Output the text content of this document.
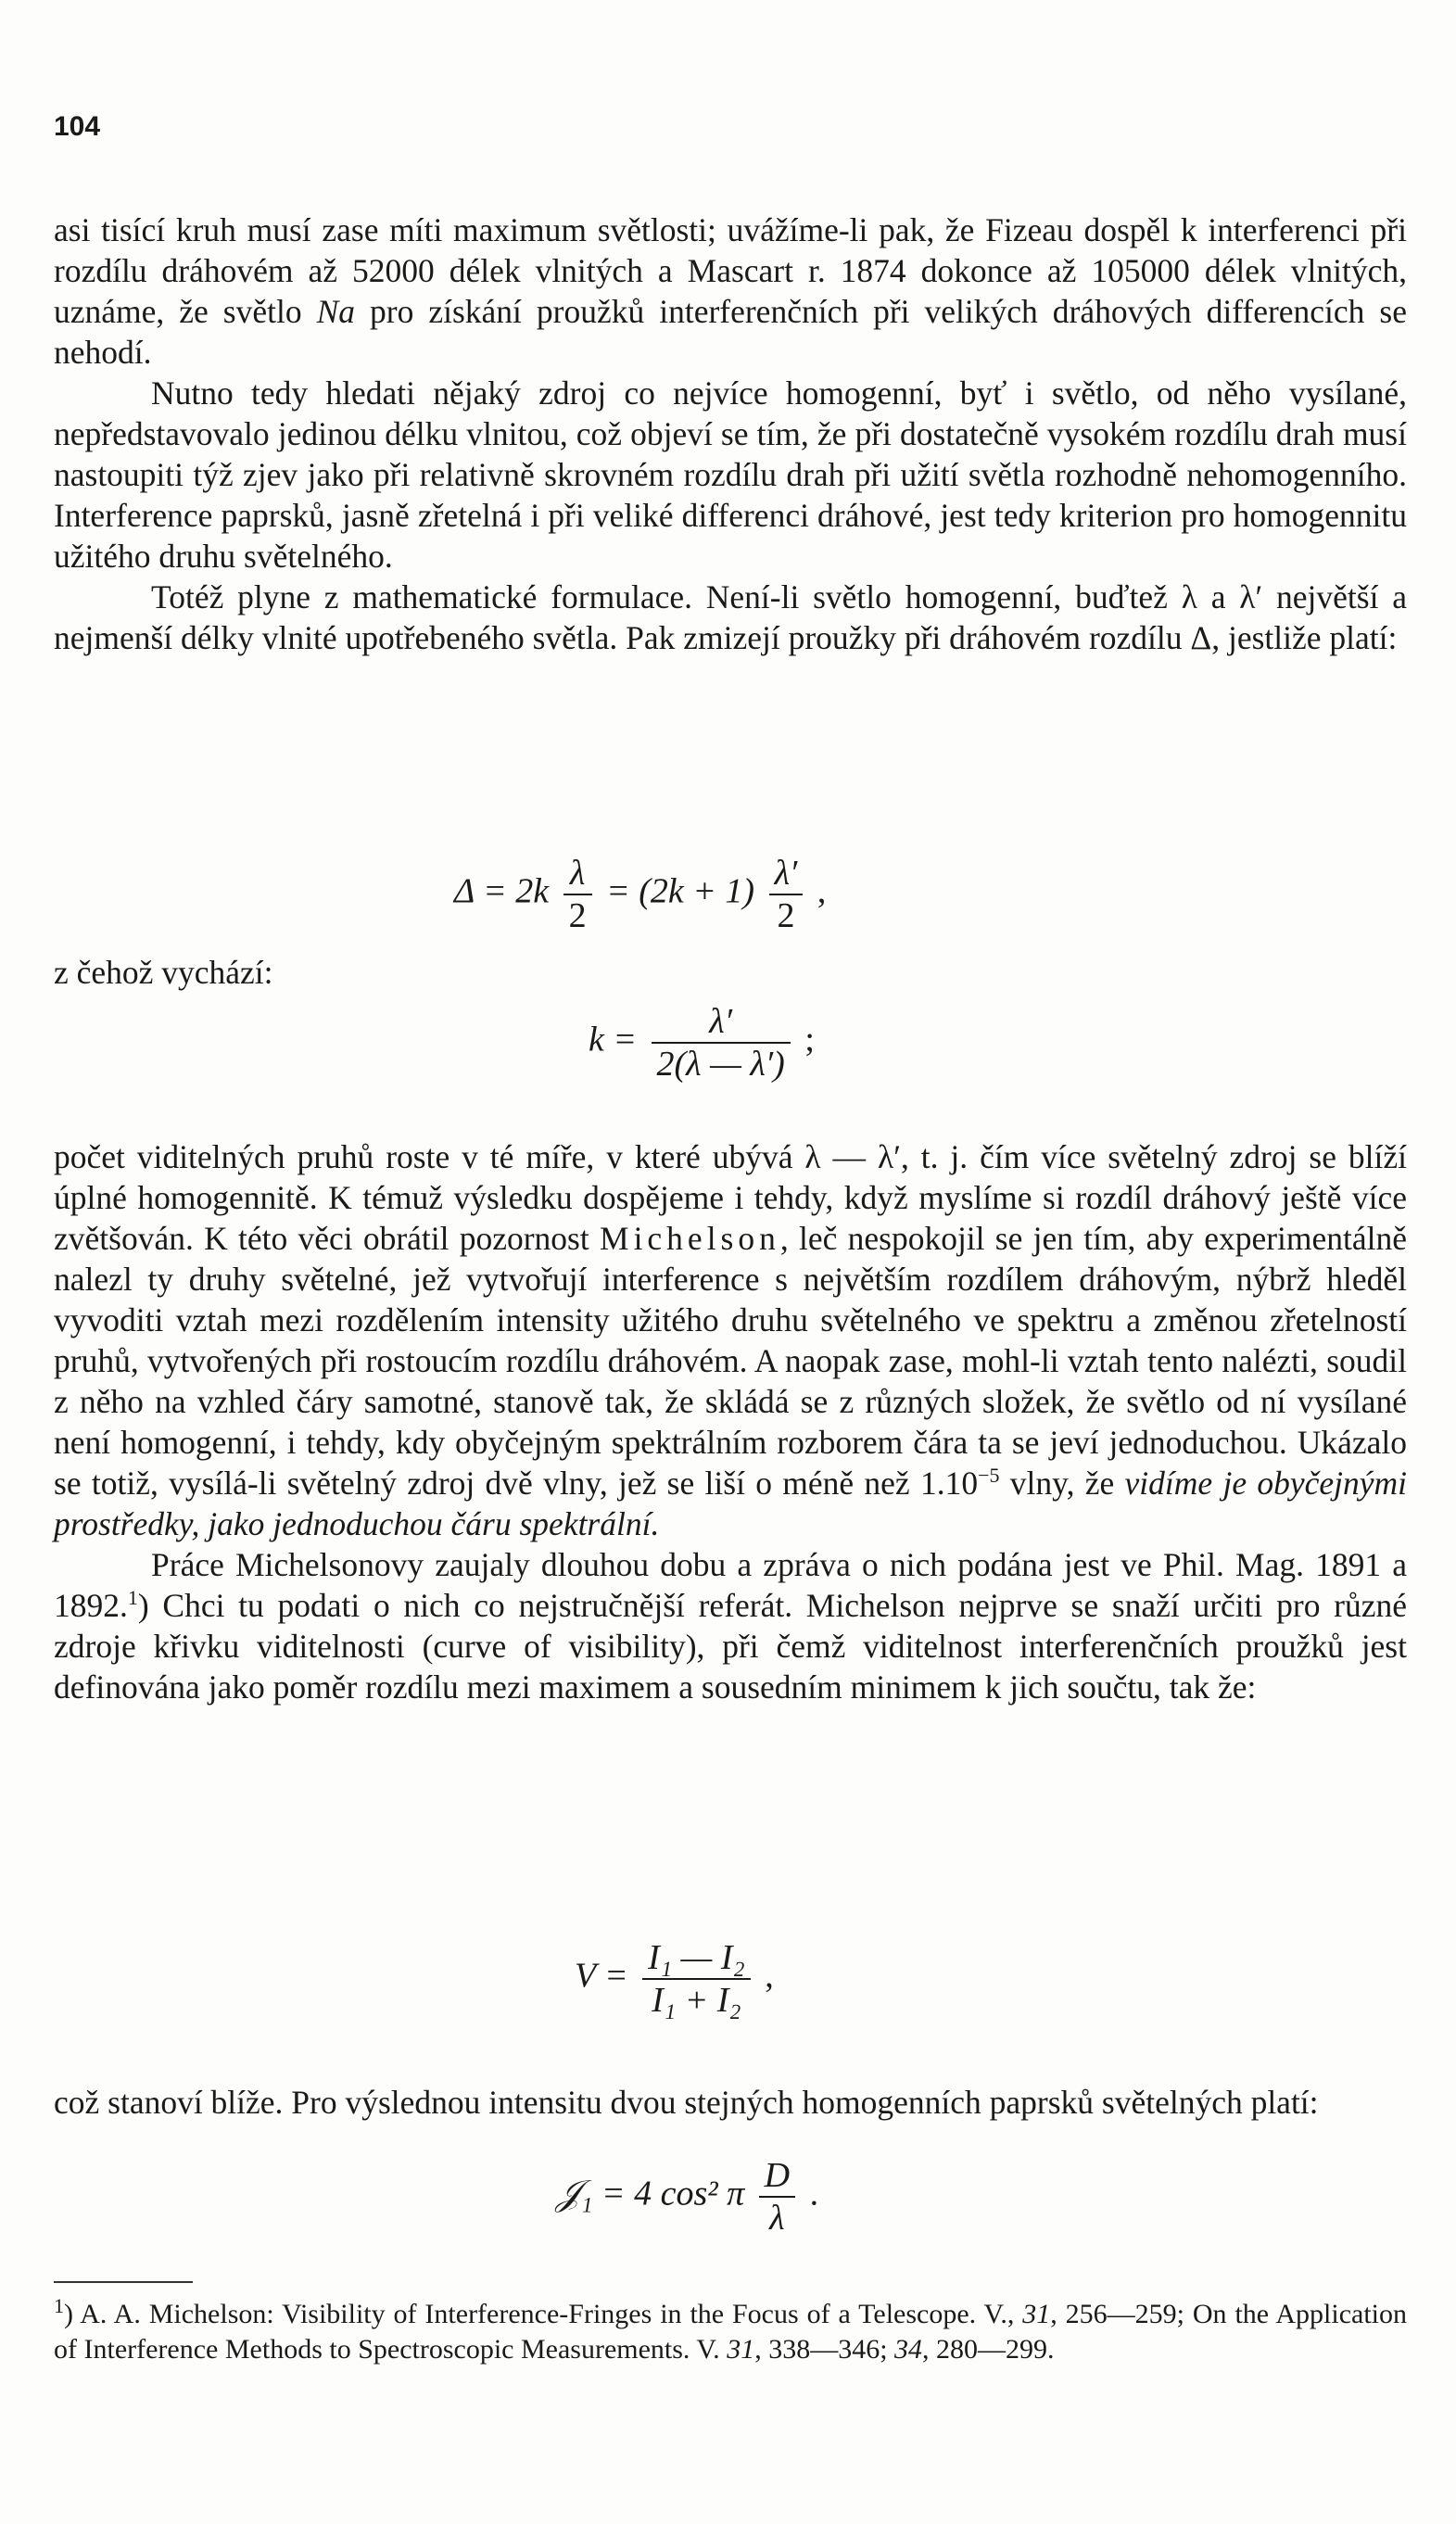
104

asi tisící kruh musí zase míti maximum světlosti; uvážíme-li pak, že Fizeau dospěl k interferenci při rozdílu dráhovém až 52000 délek vlnitých a Mascart r. 1874 dokonce až 105000 délek vlnitých, uznáme, že světlo Na pro získání proužků interferenčních při velikých dráhových differencích se nehodí.

Nutno tedy hledati nějaký zdroj co nejvíce homogenní, byť i světlo, od něho vysílané, nepředstavovalo jedinou délku vlnitou, což objeví se tím, že při dostatečně vysokém rozdílu drah musí nastoupiti týž zjev jako při relativně skrovném rozdílu drah při užití světla rozhodně nehomogenního. Interference paprsků, jasně zřetelná i při veliké differenci dráhové, jest tedy kriterion pro homogennitu užitého druhu světelného.

Totéž plyne z mathematické formulace. Není-li světlo homogenní, buďtež λ a λ′ největší a nejmenší délky vlnité upotřebeného světla. Pak zmizejí proužky při dráhovém rozdílu Δ, jestliže platí:

$\Delta = 2k \frac{\lambda}{2} = (2k + 1) \frac{\lambda'}{2}$ ,
z čehož vychází:
$k = \frac{\lambda'}{2(\lambda — \lambda')}$ ;

počet viditelných pruhů roste v té míře, v které ubývá λ — λ′, t. j. čím více světelný zdroj se blíží úplné homogennitě. K témuž výsledku dospějeme i tehdy, když myslíme si rozdíl dráhový ještě více zvětšován. K této věci obrátil pozornost Michelson, leč nespokojil se jen tím, aby experimentálně nalezl ty druhy světelné, jež vytvořují interference s největším rozdílem dráhovým, nýbrž hleděl vyvoditi vztah mezi rozdělením intensity užitého druhu světelného ve spektru a změnou zřetelností pruhů, vytvořených při rostoucím rozdílu dráhovém. A naopak zase, mohl-li vztah tento nalézti, soudil z něho na vzhled čáry samotné, stanově tak, že skládá se z různých složek, že světlo od ní vysílané není homogenní, i tehdy, kdy obyčejným spektrálním rozborem čára ta se jeví jednoduchou. Ukázalo se totiž, vysílá-li světelný zdroj dvě vlny, jež se liší o méně než $1.10^{-5}$ vlny, že vidíme je obyčejnými prostředky, jako jednoduchou čáru spektrální.

Práce Michelsonovy zaujaly dlouhou dobu a zpráva o nich podána jest ve Phil. Mag. 1891 a 1892.$^1$) Chci tu podati o nich co nejstručnější referát. Michelson nejprve se snaží určiti pro různé zdroje křivku viditelnosti (curve of visibility), při čemž viditelnost interferenčních proužků jest definována jako poměr rozdílu mezi maximem a sousedním minimem k jich součtu, tak že:

$V = \frac{\text{I₁ — I₂}}{\text{I₁ + I₂}}$ ,

což stanoví blíže. Pro výslednou intensitu dvou stejných homogenních paprsků světelných platí:

𝒥₁ = 4 cos² π $\frac{D}{\lambda}$ .

$^1$) A. A. Michelson: Visibility of Interference-Fringes in the Focus of a Telescope. V., 31, 256—259; On the Application of Interference Methods to Spectroscopic Measurements. V. 31, 338—346; 34, 280—299.
